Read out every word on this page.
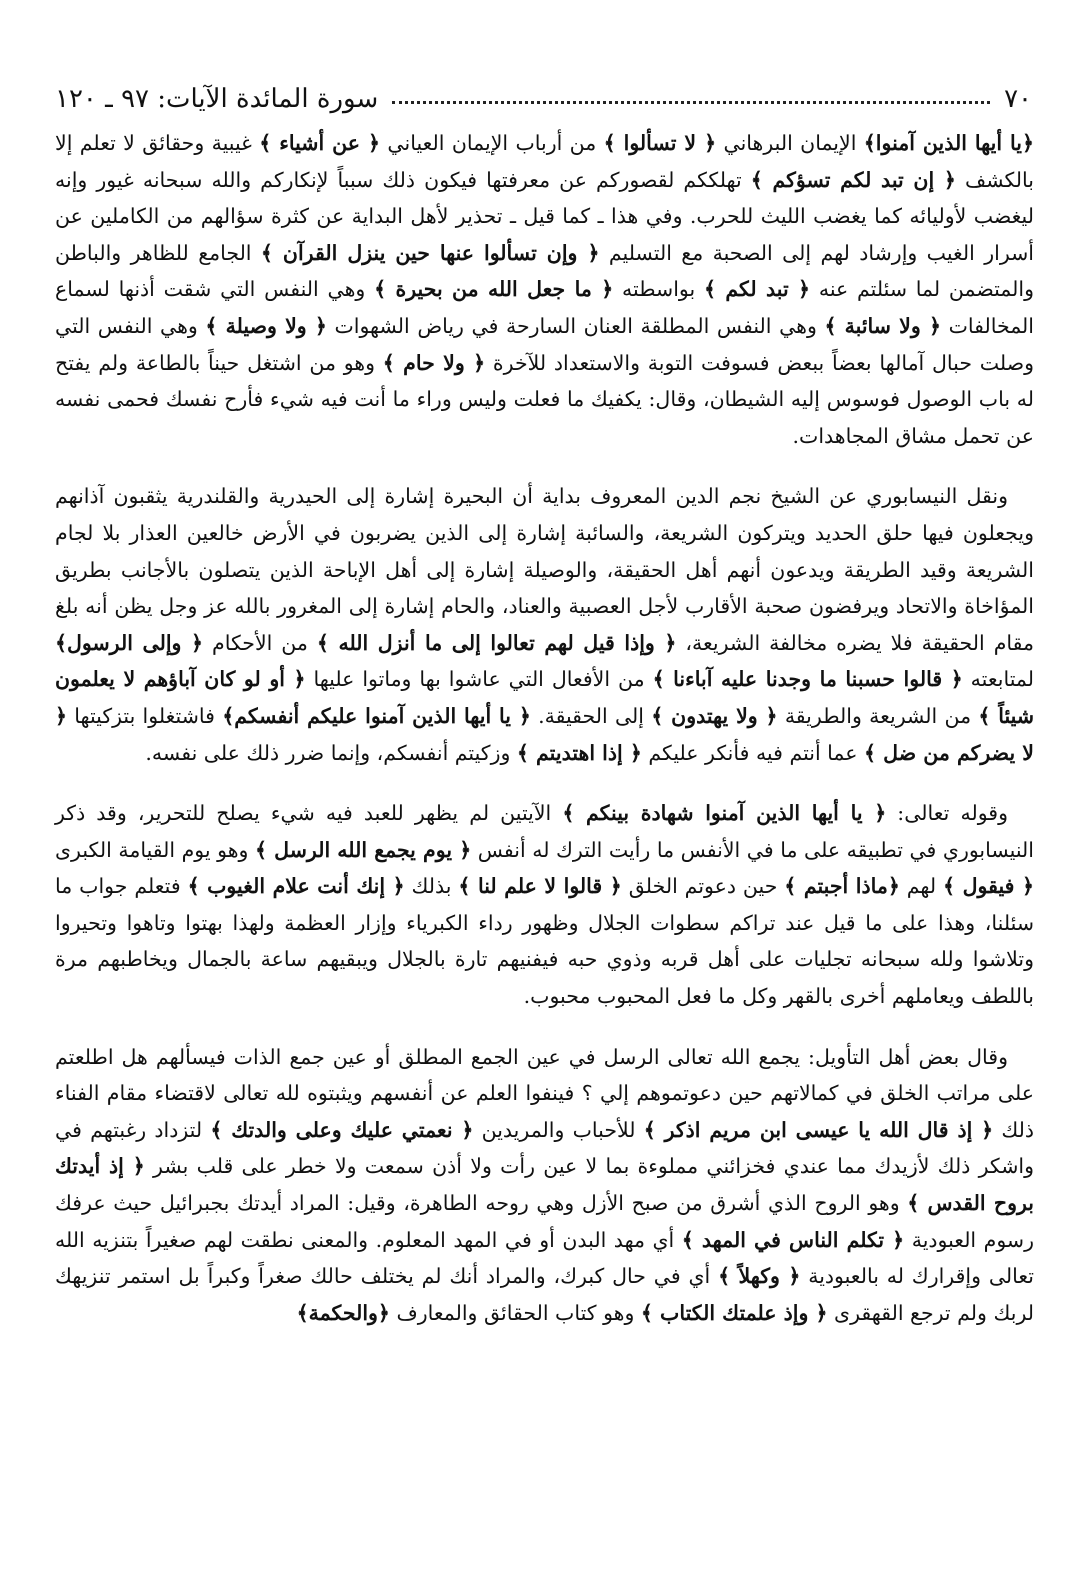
٧٠
سورة المائدة الآيات: ٩٧ ـ ١٢٠

﴿يا أيها الذين آمنوا﴾ الإيمان البرهاني ﴿ لا تسألوا ﴾ من أرباب الإيمان العياني ﴿ عن أشياء ﴾ غيبية وحقائق لا تعلم إلا بالكشف ﴿ إن تبد لكم تسؤكم ﴾ تهلككم لقصوركم عن معرفتها فيكون ذلك سبباً لإنكاركم والله سبحانه غيور وإنه ليغضب لأوليائه كما يغضب الليث للحرب. وفي هذا ـ كما قيل ـ تحذير لأهل البداية عن كثرة سؤالهم من الكاملين عن أسرار الغيب وإرشاد لهم إلى الصحبة مع التسليم ﴿ وإن تسألوا عنها حين ينزل القرآن ﴾ الجامع للظاهر والباطن والمتضمن لما سئلتم عنه ﴿ تبد لكم ﴾ بواسطته ﴿ ما جعل الله من بحيرة ﴾ وهي النفس التي شقت أذنها لسماع المخالفات ﴿ ولا سائبة ﴾ وهي النفس المطلقة العنان السارحة في رياض الشهوات ﴿ ولا وصيلة ﴾ وهي النفس التي وصلت حبال آمالها بعضاً ببعض فسوفت التوبة والاستعداد للآخرة ﴿ ولا حام ﴾ وهو من اشتغل حيناً بالطاعة ولم يفتح له باب الوصول فوسوس إليه الشيطان، وقال: يكفيك ما فعلت وليس وراء ما أنت فيه شيء فأرح نفسك فحمى نفسه عن تحمل مشاق المجاهدات.

ونقل النيسابوري عن الشيخ نجم الدين المعروف بداية أن البحيرة إشارة إلى الحيدرية والقلندرية يثقبون آذانهم ويجعلون فيها حلق الحديد ويتركون الشريعة، والسائبة إشارة إلى الذين يضربون في الأرض خالعين العذار بلا لجام الشريعة وقيد الطريقة ويدعون أنهم أهل الحقيقة، والوصيلة إشارة إلى أهل الإباحة الذين يتصلون بالأجانب بطريق المؤاخاة والاتحاد ويرفضون صحبة الأقارب لأجل العصبية والعناد، والحام إشارة إلى المغرور بالله عز وجل يظن أنه بلغ مقام الحقيقة فلا يضره مخالفة الشريعة، ﴿ وإذا قيل لهم تعالوا إلى ما أنزل الله ﴾ من الأحكام ﴿ وإلى الرسول﴾ لمتابعته ﴿ قالوا حسبنا ما وجدنا عليه آباءنا ﴾ من الأفعال التي عاشوا بها وماتوا عليها ﴿ أو لو كان آباؤهم لا يعلمون شيئاً ﴾ من الشريعة والطريقة ﴿ ولا يهتدون ﴾ إلى الحقيقة. ﴿ يا أيها الذين آمنوا عليكم أنفسكم﴾ فاشتغلوا بتزكيتها ﴿ لا يضركم من ضل ﴾ عما أنتم فيه فأنكر عليكم ﴿ إذا اهتديتم ﴾ وزكيتم أنفسكم، وإنما ضرر ذلك على نفسه.

وقوله تعالى: ﴿ يا أيها الذين آمنوا شهادة بينكم ﴾ الآيتين لم يظهر للعبد فيه شيء يصلح للتحرير، وقد ذكر النيسابوري في تطبيقه على ما في الأنفس ما رأيت الترك له أنفس ﴿ يوم يجمع الله الرسل ﴾ وهو يوم القيامة الكبرى ﴿ فيقول ﴾ لهم ﴿ماذا أجبتم ﴾ حين دعوتم الخلق ﴿ قالوا لا علم لنا ﴾ بذلك ﴿ إنك أنت علام الغيوب ﴾ فتعلم جواب ما سئلنا، وهذا على ما قيل عند تراكم سطوات الجلال وظهور رداء الكبرياء وإزار العظمة ولهذا بهتوا وتاهوا وتحيروا وتلاشوا ولله سبحانه تجليات على أهل قربه وذوي حبه فيفنيهم تارة بالجلال ويبقيهم ساعة بالجمال ويخاطبهم مرة باللطف ويعاملهم أخرى بالقهر وكل ما فعل المحبوب محبوب.

وقال بعض أهل التأويل: يجمع الله تعالى الرسل في عين الجمع المطلق أو عين جمع الذات فيسألهم هل اطلعتم على مراتب الخلق في كمالاتهم حين دعوتموهم إلي ؟ فينفوا العلم عن أنفسهم ويثبتوه لله تعالى لاقتضاء مقام الفناء ذلك ﴿ إذ قال الله يا عيسى ابن مريم اذكر ﴾ للأحباب والمريدين ﴿ نعمتي عليك وعلى والدتك ﴾ لتزداد رغبتهم في واشكر ذلك لأزيدك مما عندي فخزائني مملوءة بما لا عين رأت ولا أذن سمعت ولا خطر على قلب بشر ﴿ إذ أيدتك بروح القدس ﴾ وهو الروح الذي أشرق من صبح الأزل وهي روحه الطاهرة، وقيل: المراد أيدتك بجبرائيل حيث عرفك رسوم العبودية ﴿ تكلم الناس في المهد ﴾ أي مهد البدن أو في المهد المعلوم. والمعنى نطقت لهم صغيراً بتنزيه الله تعالى وإقرارك له بالعبودية ﴿ وكهلاً ﴾ أي في حال كبرك، والمراد أنك لم يختلف حالك صغراً وكبراً بل استمر تنزيهك لربك ولم ترجع القهقرى ﴿ وإذ علمتك الكتاب ﴾ وهو كتاب الحقائق والمعارف ﴿والحكمة﴾
